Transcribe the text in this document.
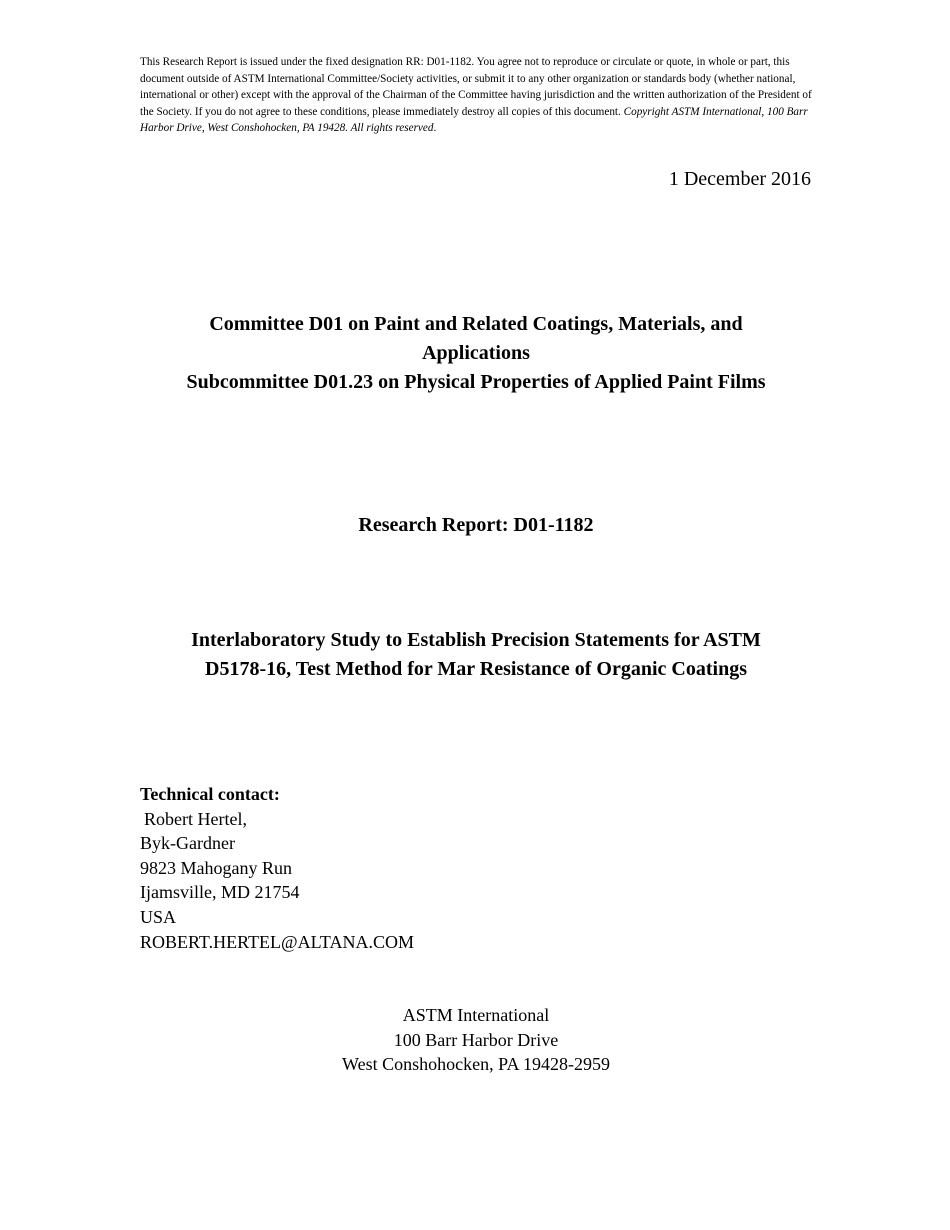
This Research Report is issued under the fixed designation RR: D01-1182. You agree not to reproduce or circulate or quote, in whole or part, this document outside of ASTM International Committee/Society activities, or submit it to any other organization or standards body (whether national, international or other) except with the approval of the Chairman of the Committee having jurisdiction and the written authorization of the President of the Society. If you do not agree to these conditions, please immediately destroy all copies of this document. Copyright ASTM International, 100 Barr Harbor Drive, West Conshohocken, PA 19428. All rights reserved.
1 December 2016
Committee D01 on Paint and Related Coatings, Materials, and
Applications
Subcommittee D01.23 on Physical Properties of Applied Paint Films
Research Report: D01-1182
Interlaboratory Study to Establish Precision Statements for ASTM
D5178-16, Test Method for Mar Resistance of Organic Coatings
Technical contact:
Robert Hertel,
Byk-Gardner
9823 Mahogany Run
Ijamsville, MD 21754
USA
ROBERT.HERTEL@ALTANA.COM
ASTM International
100 Barr Harbor Drive
West Conshohocken, PA 19428-2959
